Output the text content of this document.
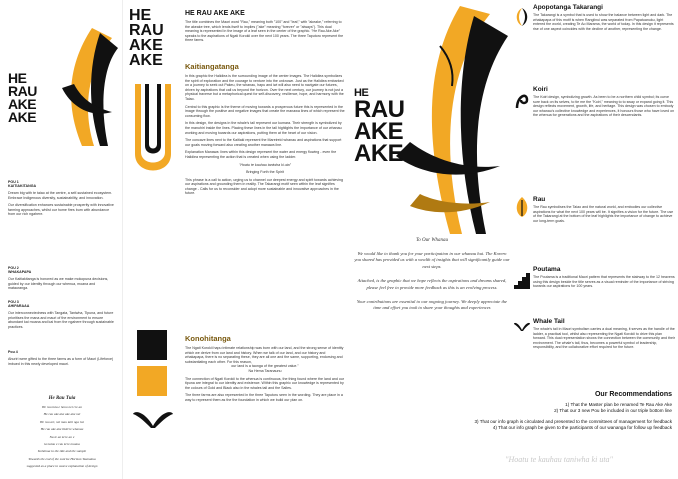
HE
RAU
AKE
AKE
POU 1
KAITIAKITANGA

Dream big with te taiao at the centre, a self-sustained ecosystem. Embrace Indigenous diversity, sustainability, and innovation.

Our diversification enhances sustainable prosperity with innovative farming approaches, whilst our home fires burn with abundance from our rich ngahere.

POU 2
WHAKAPAPA

Our Kaitiakitanga is honored as we make mokopuna decisions, guided by our identity through our whenua, moana and matauranga.

POU 3
AHIPARAAA

Our interconnectedness with Tangata, Taniwha, Tipuna, and future prioritises the mana and mauri of the environment to ensure abundant kai moana and kai from the ngahere through sustainable practices.

Pou 4

Ahuriri were gifted to the three farms as a form of Mauri (Lifeforce) imbued in this newly developed mauri.

He Rau Tuia

He rau tuia e hono nei i te ao

He rau ake ake ake ake nei

He rau ari, nei mau tahi nga iwi

He rau ake ake tikiii te whanau

Na te ao ki te ao e

ko tatou e rau ki te moana

Kohimua to the tide and the sample

Towards the end of the sunrise Horizon Taumatua

suggested as a place to weave explanation of design

HE
RAU
AKE
AKE
HE RAU AKE AKE

The title combines the Maori word "Rau," meaning both "100" and "leaf," with "akeake," referring to the akeake tree, which lends itself to implies ("ake" meaning "forever" or "always"). This dual meaning is represented in the image of a leaf seen in the center of the graphic. "He Rau Ake Ake" speaks to the aspirations of Ngati Korokii over the next 100 years. The three Taputoro represent the three farms.

Kaitiangatanga

In this graphic the Halidiea is the surrounding image of the center images. The Halidiea symbolizes the spirit of exploration and the courage to venture into the unknown. Just as the Halidiea embarked on a journey to seek out Pakeu, the whanau, hapu and iwi will also need to navigate our futures, driven by aspirations that call us beyond the horizon. Over the next century, our journey is not just a physical traverse but a metaphorical quest for self-discovery, resilience, hope, and harmony with the Taiao.

Central to this graphic is the theme of moving towards a prosperous future this is represented in the image through the positive and negative images that create the manawa lines of which represent the consuming flow.

In this design, the designs in the whale's tail represent our kumara. Their strength is symbolized by the manuhiri inside the lines. Placing these lines in the tail highlights the importance of our whanau working and moving towards our aspirations, putting them at the heart of our vision.

The concave lines next to the Kaitiaki represent the Mareireid whanau and aspirations that support our goals moving forward also creating another manawa line.

Explanation Manawa: lines within this design represent the water and energy flowing - even the Halidiea representing the action that is created when using the ladder.

"Hoatu te kauhau taniwha ki uta"

Bringing Forth the Spirit

This phrase is a call to action, urging us to channel our deepest energy and spirit towards achieving our aspirations and grounding them in reality. The Takarangi motif seen within the leaf signifies change - Calls for us to reconsider and adopt more sustainable and innovative approaches in the future.

Konohitanga

The Ngati Korokii hapu intimate relationship was born with our land, and the strong sense of identity which we derive from our land and history. When we talk of our land, and our history and whakapapa, there is no separating these, they are all one and the same, supporting, endorsing and substantiating each other. For this reason,

our land is a taonga of the greatest value."

Na Hema Taranaunu

The connection of Ngati Korokii to the whenua is continuous, the thing found where the land and our tipuna are integral to our identity and existence. Within this graphic our knowledge is represented by the colours of Gold and Black also in the whales tail and the Sailes.

The three farms are also represented in the three Taputoru seen in the wording. They are place in a way to represent them as the the foundation in which we build our plan on.

HE
RAU
AKE
AKE
To Our Whanau

We would like to thank you for your participation in our whanau hui. The Korero you shared has provided us with a wealth of insights that will significantly guide our next steps.

Attached, is the graphic that we hope reflects the aspirations and dreams shared, please feel free to provide more feedback as this is an evolving process.

Your contributions are essential to our ongoing journey. We deeply appreciate the time and effort you took to share your thoughts and experiences

Apopotanga Takarangi

The Takarangi is a symbol that is used to show the balance between light and dark. The whakapapa of this motif is when Rangiinui was separated from Papatuanuku, light entered the world, creating Te Ao Marama, the world of today. In this design it represents rise of one aspect coincides with the decline of another, representing the change.

Koiri

The Koiri design, symbolizing growth. As been to be a northern child symbol; its curve sure back on its selves, to tie me the "Koiri," meaning to to sway or expand going it. This design reflects movement, growth, life, and heritage. This design was chosen to embody our whanau's collective knowledge and experiences, it honours those who have loved on the whenua for generations and the aspirations of their descendants.

Rau

The Rau symbolises the Taiao and the natural world, and embodies our collective aspirations for what the next 100 years will be. It signifies a vision for the future. The use of the Takarangi at the bottom of the leaf highlights the importance of change to achieve our long-term goals.

Poutama

The Poutama is a traditional Maori pattern that represents the stairway to the 12 heavens using this design beside the title serves as a visual reminder of the importance of striving towards our aspirations for 100 years.

Whale Tail

The whale's tail in Maori symbolism carries a dual meaning, it serves as the handle of the ladder, a practical tool, whilst also representing the Ngati Korokii to drive this plan forward. This dual representation shows the connection between the community and their environment. The whale's tail, thus, becomes a powerful symbol of leadership, responsibility, and the collaborative effort required for the future.

Our Recommendations
1) That the Master plan be renamed Te Rau Ake Ake
2) That our 3 new Pou be included in our triple bottom line
3) That our info graph is circulated and presented to the committees of management for feedback
4) That our info graph be given to the participants of our wananga for follow up feedback
"Hoatu te kauhau taniwha ki uta"
